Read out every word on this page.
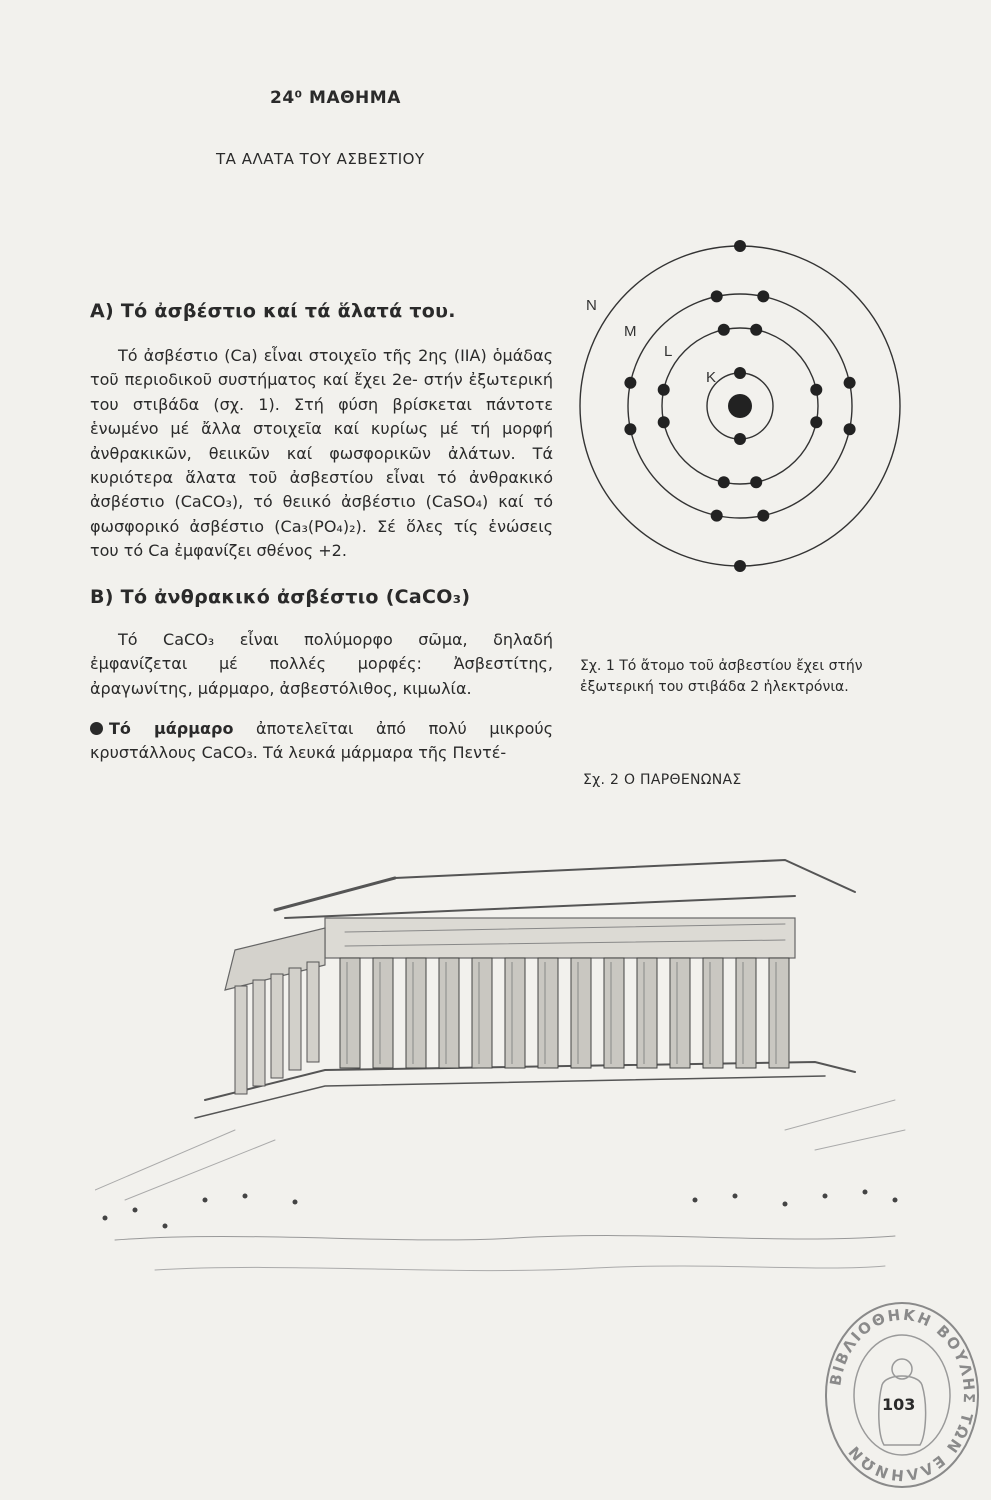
24⁰ ΜΑΘΗΜΑ
ΤΑ ΑΛΑΤΑ ΤΟΥ ΑΣΒΕΣΤΙΟΥ
Α) Τό ἀσβέστιο καί τά ἅλατά του.
Τό ἀσβέστιο (Ca) εἶναι στοιχεῖο τῆς 2ης (IIA) ὁμάδας τοῦ περιοδικοῦ συστήματος καί ἔχει 2e- στήν ἐξωτερική του στιβάδα (σχ. 1). Στή φύση βρίσκεται πάντοτε ἑνωμένο μέ ἄλλα στοιχεῖα καί κυρίως μέ τή μορφή ἀνθρακικῶν, θειικῶν καί φωσφορικῶν ἀλάτων. Τά κυριότερα ἅλατα τοῦ ἀσβεστίου εἶναι τό ἀνθρακικό ἀσβέστιο (CaCO₃), τό θειικό ἀσβέστιο (CaSO₄) καί τό φωσφορικό ἀσβέστιο (Ca₃(PO₄)₂). Σέ ὅλες τίς ἑνώσεις του τό Ca ἐμφανίζει σθένος +2.
Β) Τό ἀνθρακικό ἀσβέστιο (CaCO₃)
Τό CaCO₃ εἶναι πολύμορφο σῶμα, δηλαδή ἐμφανίζεται μέ πολλές μορφές: Ἀσβεστίτης, ἀραγωνίτης, μάρμαρο, ἀσβεστόλιθος, κιμωλία.
Τό μάρμαρο ἀποτελεῖται ἀπό πολύ μικρούς κρυστάλλους CaCO₃. Τά λευκά μάρμαρα τῆς Πεντέ-
K
L
M
N
Σχ. 1 Τό ἄτομο τοῦ ἀσβεστίου ἔχει στήν ἐξωτερική του στιβάδα 2 ἠλεκτρόνια.
Σχ. 2 Ο ΠΑΡΘΕΝΩΝΑΣ
ΒΙΒΛΙΟΘΗΚΗ ΒΟΥΛΗΣ ΤΩΝ ΕΛΛΗΝΩΝ
103
